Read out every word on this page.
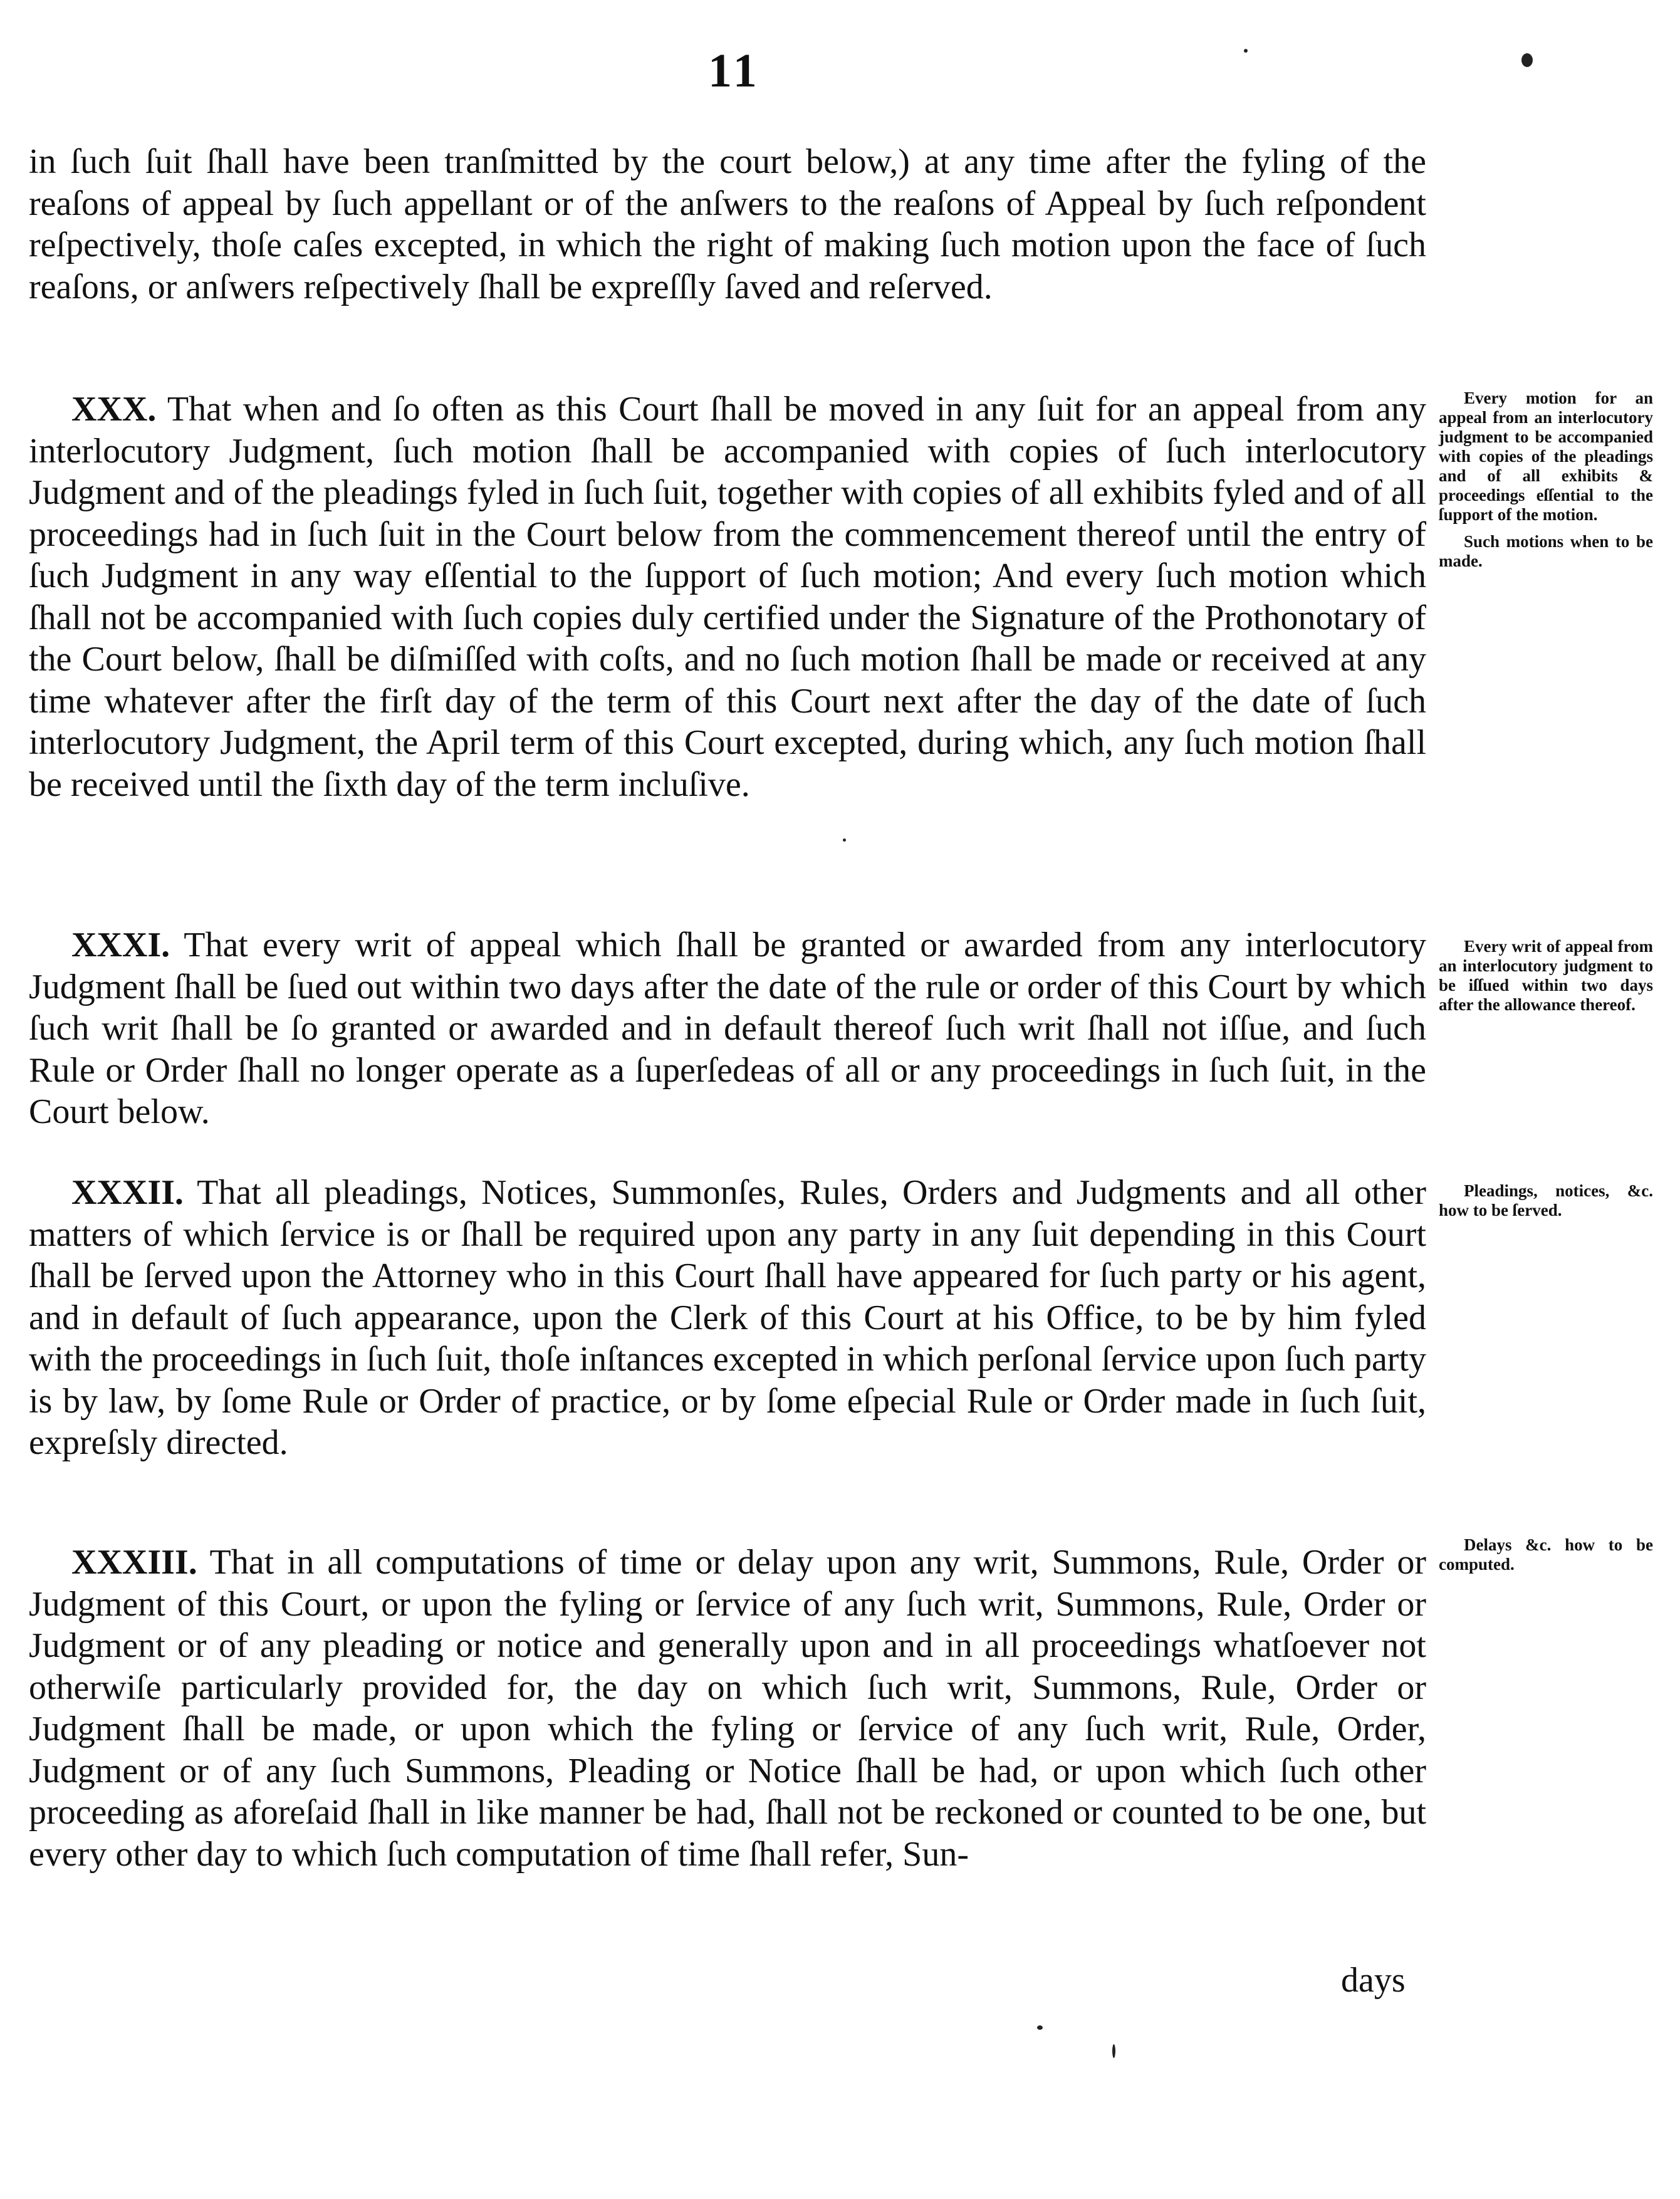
11

in ſuch ſuit ſhall have been tranſmitted by the court below,) at any time after the fyling of the reaſons of appeal by ſuch appellant or of the anſwers to the reaſons of Appeal by ſuch reſpondent reſpectively, thoſe caſes excepted, in which the right of making ſuch motion upon the face of ſuch reaſons, or anſwers reſpectively ſhall be expreſſly ſaved and reſerved.

XXX. That when and ſo often as this Court ſhall be moved in any ſuit for an appeal from any interlocutory Judgment, ſuch motion ſhall be accompanied with copies of ſuch interlocutory Judgment and of the pleadings fyled in ſuch ſuit, together with copies of all exhibits fyled and of all proceedings had in ſuch ſuit in the Court below from the commencement thereof until the entry of ſuch Judgment in any way eſſential to the ſupport of ſuch motion; And every ſuch motion which ſhall not be accompanied with ſuch copies duly certified under the Signature of the Prothonotary of the Court below, ſhall be diſmiſſed with coſts, and no ſuch motion ſhall be made or received at any time whatever after the firſt day of the term of this Court next after the day of the date of ſuch interlocutory Judgment, the April term of this Court excepted, during which, any ſuch motion ſhall be received until the ſixth day of the term incluſive.

Every motion for an appeal from an interlocutory judgment to be accompanied with copies of the pleadings and of all exhibits & proceedings eſſential to the ſupport of the motion.
Such motions when to be made.

XXXI. That every writ of appeal which ſhall be granted or awarded from any interlocutory Judgment ſhall be ſued out within two days after the date of the rule or order of this Court by which ſuch writ ſhall be ſo granted or awarded and in default thereof ſuch writ ſhall not iſſue, and ſuch Rule or Order ſhall no longer operate as a ſuperſedeas of all or any proceedings in ſuch ſuit, in the Court below.

Every writ of appeal from an interlocutory judgment to be iſſued within two days after the allowance thereof.

XXXII. That all pleadings, Notices, Summonſes, Rules, Orders and Judgments and all other matters of which ſervice is or ſhall be required upon any party in any ſuit depending in this Court ſhall be ſerved upon the Attorney who in this Court ſhall have appeared for ſuch party or his agent, and in default of ſuch appearance, upon the Clerk of this Court at his Office, to be by him fyled with the proceedings in ſuch ſuit, thoſe inſtances excepted in which perſonal ſervice upon ſuch party is by law, by ſome Rule or Order of practice, or by ſome eſpecial Rule or Order made in ſuch ſuit, expreſsly directed.

Pleadings, notices, &c. how to be ſerved.

XXXIII. That in all computations of time or delay upon any writ, Summons, Rule, Order or Judgment of this Court, or upon the fyling or ſervice of any ſuch writ, Summons, Rule, Order or Judgment or of any pleading or notice and generally upon and in all proceedings whatſoever not otherwiſe particularly provided for, the day on which ſuch writ, Summons, Rule, Order or Judgment ſhall be made, or upon which the fyling or ſervice of any ſuch writ, Rule, Order, Judgment or of any ſuch Summons, Pleading or Notice ſhall be had, or upon which ſuch other proceeding as aforeſaid ſhall in like manner be had, ſhall not be reckoned or counted to be one, but every other day to which ſuch computation of time ſhall refer, Sun-

Delays &c. how to be computed.
days
